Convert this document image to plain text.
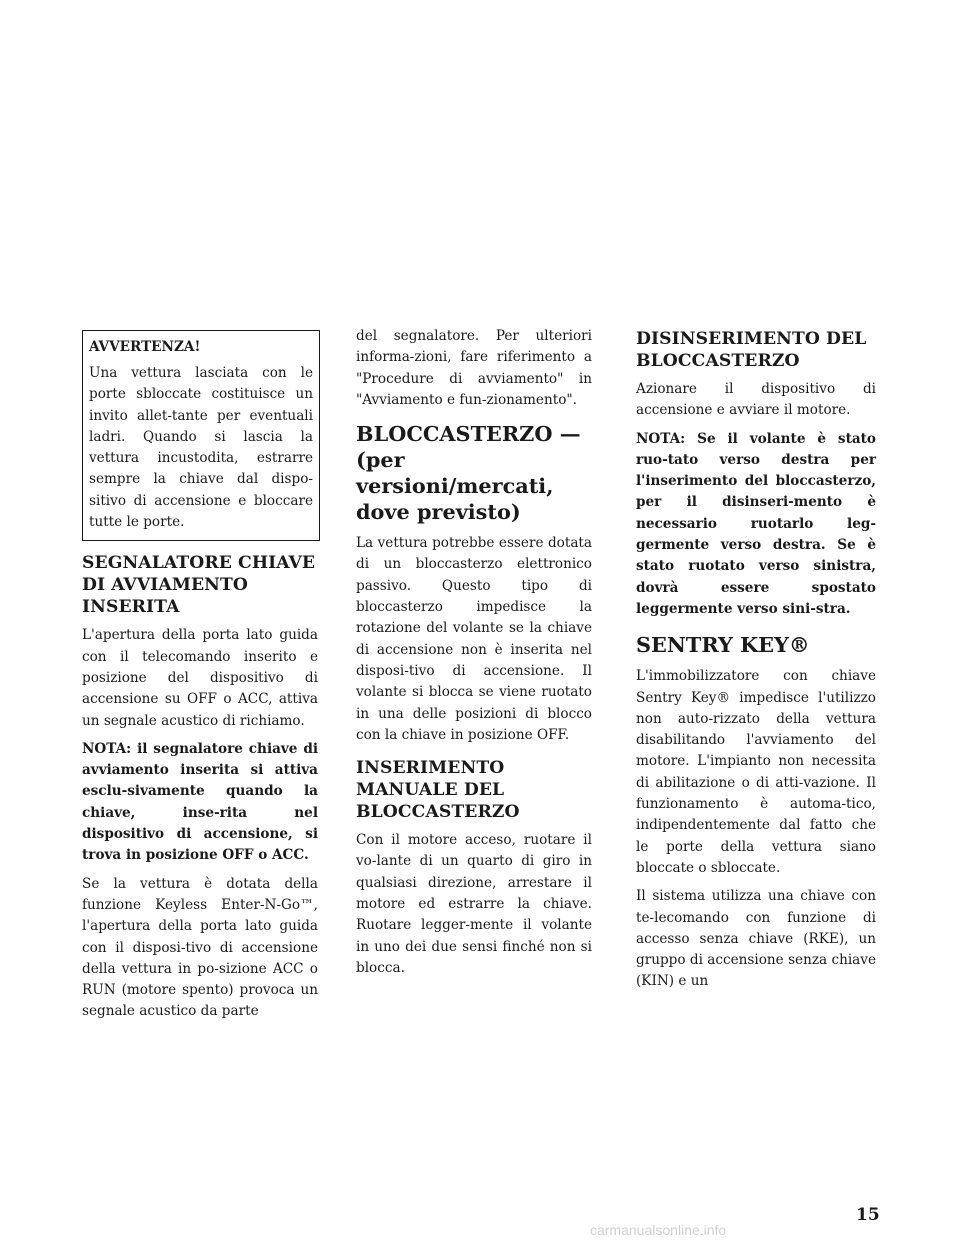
AVVERTENZA!

Una vettura lasciata con le porte sbloccate costituisce un invito allet-tante per eventuali ladri. Quando si lascia la vettura incustodita, estrarre sempre la chiave dal dispo-sitivo di accensione e bloccare tutte le porte.

SEGNALATORE CHIAVE DI AVVIAMENTO INSERITA

L'apertura della porta lato guida con il telecomando inserito e posizione del dispositivo di accensione su OFF o ACC, attiva un segnale acustico di richiamo.

NOTA: il segnalatore chiave di avviamento inserita si attiva esclu-sivamente quando la chiave, inse-rita nel dispositivo di accensione, si trova in posizione OFF o ACC.

Se la vettura è dotata della funzione Keyless Enter-N-Go™, l'apertura della porta lato guida con il disposi-tivo di accensione della vettura in po-sizione ACC o RUN (motore spento) provoca un segnale acustico da parte

del segnalatore. Per ulteriori informa-zioni, fare riferimento a "Procedure di avviamento" in "Avviamento e fun-zionamento".

BLOCCASTERZO — (per versioni/mercati, dove previsto)

La vettura potrebbe essere dotata di un bloccasterzo elettronico passivo. Questo tipo di bloccasterzo impedisce la rotazione del volante se la chiave di accensione non è inserita nel disposi-tivo di accensione. Il volante si blocca se viene ruotato in una delle posizioni di blocco con la chiave in posizione OFF.

INSERIMENTO MANUALE DEL BLOCCASTERZO

Con il motore acceso, ruotare il vo-lante di un quarto di giro in qualsiasi direzione, arrestare il motore ed estrarre la chiave. Ruotare legger-mente il volante in uno dei due sensi finché non si blocca.

DISINSERIMENTO DEL BLOCCASTERZO

Azionare il dispositivo di accensione e avviare il motore.

NOTA: Se il volante è stato ruo-tato verso destra per l'inserimento del bloccasterzo, per il disinseri-mento è necessario ruotarlo leg-germente verso destra. Se è stato ruotato verso sinistra, dovrà essere spostato leggermente verso sini-stra.

SENTRY KEY®

L'immobilizzatore con chiave Sentry Key® impedisce l'utilizzo non auto-rizzato della vettura disabilitando l'avviamento del motore. L'impianto non necessita di abilitazione o di atti-vazione. Il funzionamento è automa-tico, indipendentemente dal fatto che le porte della vettura siano bloccate o sbloccate.

Il sistema utilizza una chiave con te-lecomando con funzione di accesso senza chiave (RKE), un gruppo di accensione senza chiave (KIN) e un

15
carmanualsonline.info
